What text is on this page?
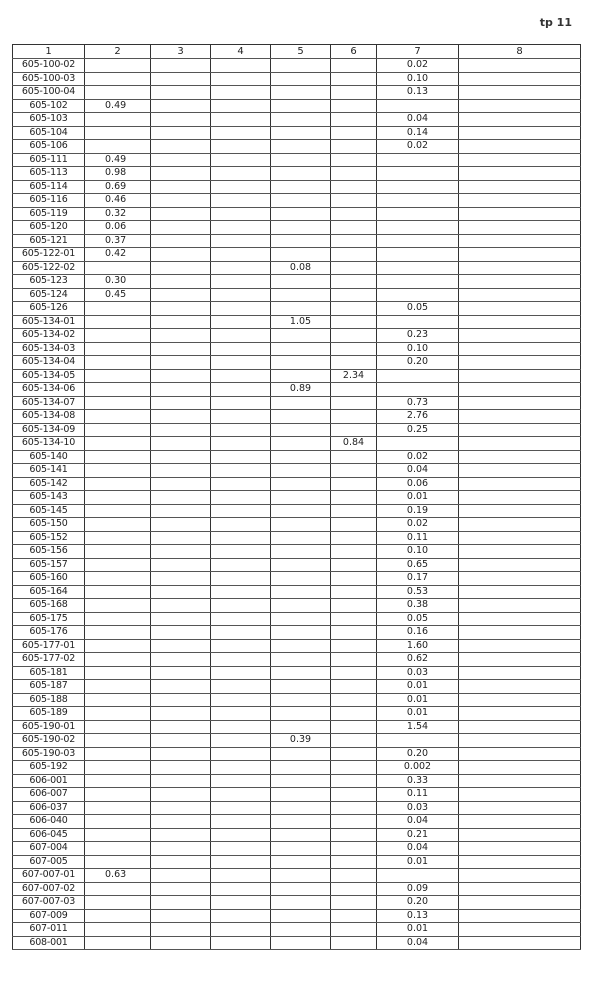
tp 11
1	2	3	4	5	6	7	8
605-100-02						0.02	
605-100-03						0.10	
605-100-04						0.13	
605-102	0.49						
605-103						0.04	
605-104						0.14	
605-106						0.02	
605-111	0.49						
605-113	0.98						
605-114	0.69						
605-116	0.46						
605-119	0.32						
605-120	0.06						
605-121	0.37						
605-122-01	0.42						
605-122-02				0.08			
605-123	0.30						
605-124	0.45						
605-126						0.05	
605-134-01				1.05			
605-134-02						0.23	
605-134-03						0.10	
605-134-04						0.20	
605-134-05					2.34		
605-134-06				0.89			
605-134-07						0.73	
605-134-08						2.76	
605-134-09						0.25	
605-134-10					0.84		
605-140						0.02	
605-141						0.04	
605-142						0.06	
605-143						0.01	
605-145						0.19	
605-150						0.02	
605-152						0.11	
605-156						0.10	
605-157						0.65	
605-160						0.17	
605-164						0.53	
605-168						0.38	
605-175						0.05	
605-176						0.16	
605-177-01						1.60	
605-177-02						0.62	
605-181						0.03	
605-187						0.01	
605-188						0.01	
605-189						0.01	
605-190-01						1.54	
605-190-02				0.39			
605-190-03						0.20	
605-192						0.002	
606-001						0.33	
606-007						0.11	
606-037						0.03	
606-040						0.04	
606-045						0.21	
607-004						0.04	
607-005						0.01	
607-007-01	0.63						
607-007-02						0.09	
607-007-03						0.20	
607-009						0.13	
607-011						0.01	
608-001						0.04	
